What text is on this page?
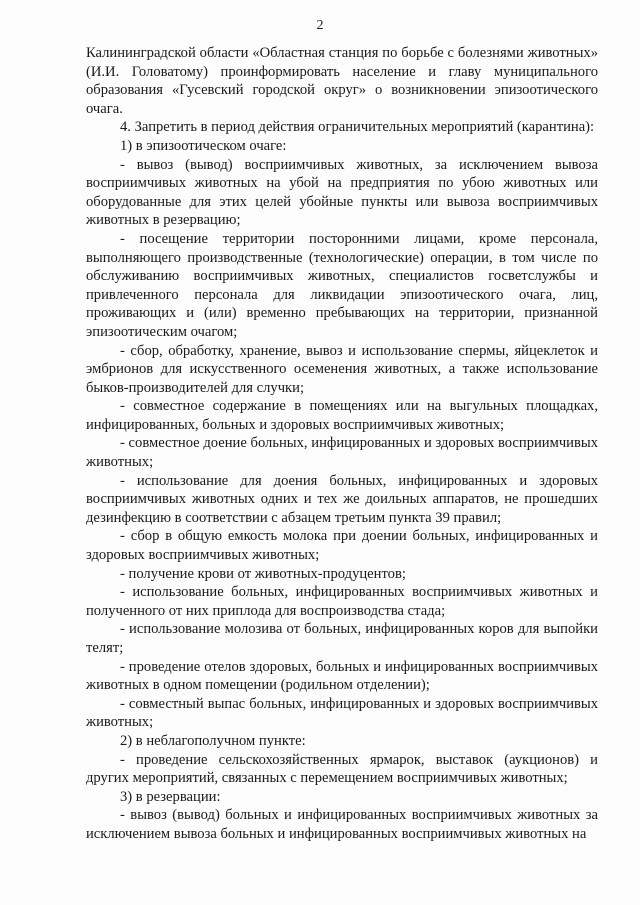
2

Калининградской области «Областная станция по борьбе с болезнями животных» (И.И. Головатому) проинформировать население и главу муниципального образования «Гусевский городской округ» о возникновении эпизоотического очага.

4. Запретить в период действия ограничительных мероприятий (карантина):

1) в эпизоотическом очаге:

- вывоз (вывод) восприимчивых животных, за исключением вывоза восприимчивых животных на убой на предприятия по убою животных или оборудованные для этих целей убойные пункты или вывоза восприимчивых животных в резервацию;

- посещение территории посторонними лицами, кроме персонала, выполняющего производственные (технологические) операции, в том числе по обслуживанию восприимчивых животных, специалистов госветслужбы и привлеченного персонала для ликвидации эпизоотического очага, лиц, проживающих и (или) временно пребывающих на территории, признанной эпизоотическим очагом;

- сбор, обработку, хранение, вывоз и использование спермы, яйцеклеток и эмбрионов для искусственного осеменения животных, а также использование быков-производителей для случки;

- совместное содержание в помещениях или на выгульных площадках, инфицированных, больных и здоровых восприимчивых животных;

- совместное доение больных, инфицированных и здоровых восприимчивых животных;

- использование для доения больных, инфицированных и здоровых восприимчивых животных одних и тех же доильных аппаратов, не прошедших дезинфекцию в соответствии с абзацем третьим пункта 39 правил;

- сбор в общую емкость молока при доении больных, инфицированных и здоровых восприимчивых животных;

- получение крови от животных-продуцентов;

- использование больных, инфицированных восприимчивых животных и полученного от них приплода для воспроизводства стада;

- использование молозива от больных, инфицированных коров для выпойки телят;

- проведение отелов здоровых, больных и инфицированных восприимчивых животных в одном помещении (родильном отделении);

- совместный выпас больных, инфицированных и здоровых восприимчивых животных;

2) в неблагополучном пункте:

- проведение сельскохозяйственных ярмарок, выставок (аукционов) и других мероприятий, связанных с перемещением восприимчивых животных;

3) в резервации:

- вывоз (вывод) больных и инфицированных восприимчивых животных за исключением вывоза больных и инфицированных восприимчивых животных на
